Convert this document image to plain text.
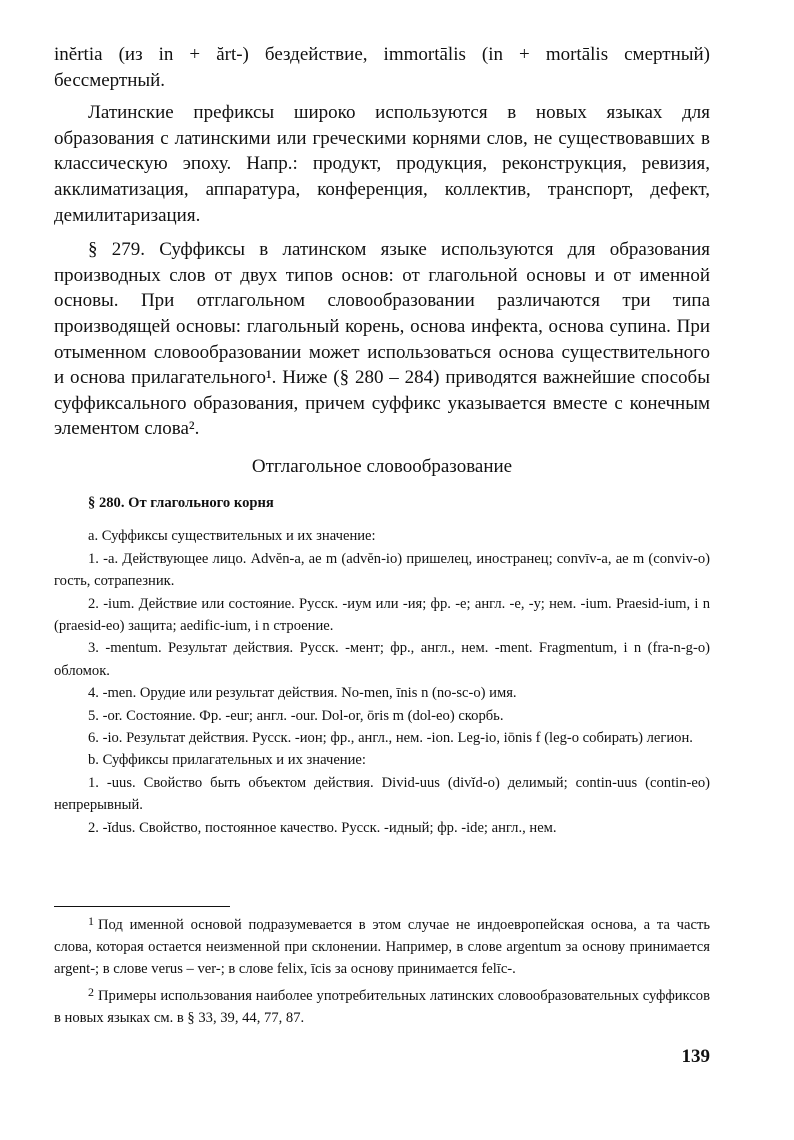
inĕrtia (из in + ărt-) бездействие, immortālis (in + mortālis смертный) бессмертный.

Латинские префиксы широко используются в новых языках для образования с латинскими или греческими корнями слов, не существовавших в классическую эпоху. Напр.: продукт, продукция, реконструкция, ревизия, акклиматизация, аппаратура, конференция, коллектив, транспорт, дефект, демилитаризация.

§ 279. Суффиксы в латинском языке используются для образования производных слов от двух типов основ: от глагольной основы и от именной основы. При отглагольном словообразовании различаются три типа производящей основы: глагольный корень, основа инфекта, основа супина. При отыменном словообразовании может использоваться основа существительного и основа прилагательного¹. Ниже (§ 280 – 284) приводятся важнейшие способы суффиксального образования, причем суффикс указывается вместе с конечным элементом слова².

Отглагольное словообразование

§ 280. От глагольного корня

a. Суффиксы существительных и их значение:

1. -a. Действующее лицо. Advĕn-a, ae m (advĕn-io) пришелец, иностранец; convīv-a, ae m (conviv-o) гость, сотрапезник.

2. -ium. Действие или состояние. Русск. -иум или -ия; фр. -е; англ. -е, -у; нем. -ium. Praesid-ium, i n (praesid-eo) защита; aedific-ium, i n строение.

3. -mentum. Результат действия. Русск. -мент; фр., англ., нем. -ment. Fragmentum, i n (fra-n-g-o) обломок.

4. -men. Орудие или результат действия. No-men, īnis n (no-sc-o) имя.

5. -or. Состояние. Фр. -eur; англ. -our. Dol-or, ōris m (dol-eo) скорбь.

6. -io. Результат действия. Русск. -ион; фр., англ., нем. -ion. Leg-io, iōnis f (leg-o собирать) легион.

b. Суффиксы прилагательных и их значение:

1. -uus. Свойство быть объектом действия. Divid-uus (divĭd-o) делимый; contin-uus (contin-eo) непрерывный.

2. -ĭdus. Свойство, постоянное качество. Русск. -идный; фр. -ide; англ., нем.

$^1$ Под именной основой подразумевается в этом случае не индоевропейская основа, а та часть слова, которая остается неизменной при склонении. Например, в слове argentum за основу принимается argent-; в слове verus – ver-; в слове felix, īcis за основу принимается felīc-.

$^2$ Примеры использования наиболее употребительных латинских словообразовательных суффиксов в новых языках см. в § 33, 39, 44, 77, 87.

139
